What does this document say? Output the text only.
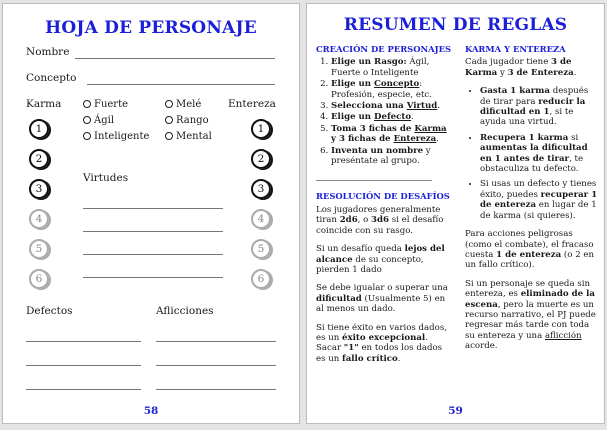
HOJA DE PERSONAJE
Nombre
Concepto
Karma	Entereza
Fuerte	Melé
Ágil	Rango
Inteligente	Mental
1
2
3
4
5
6
1
2
3
4
5
6
Virtudes
Defectos	Aflicciones
58
RESUMEN DE REGLAS
CREACIÓN DE PERSONAJES
1. Elige un Rasgo: Ágil, Fuerte o Inteligente
2. Elige un Concepto: Profesión, especie, etc.
3. Selecciona una Virtud.
4. Elige un Defecto.
5. Toma 3 fichas de Karma y 3 fichas de Entereza.
6. Inventa un nombre y preséntate al grupo.
RESOLUCIÓN DE DESAFÍOS

Los jugadores generalmente tiran 2d6, o 3d6 si el desafío coincide con su rasgo.

Si un desafío queda lejos del alcance de su concepto, pierden 1 dado

Se debe igualar o superar una dificultad (Usualmente 5) en al menos un dado.

Si tiene éxito en varios dados, es un éxito excepcional. Sacar "1" en todos los dados es un fallo crítico.

KARMA Y ENTEREZA

Cada jugador tiene 3 de Karma y 3 de Entereza.

• Gasta 1 karma después de tirar para reducir la dificultad en 1, si te ayuda una virtud.
• Recupera 1 karma si aumentas la dificultad en 1 antes de tirar, te obstaculiza tu defecto.
• Si usas un defecto y tienes éxito, puedes recuperar 1 de entereza en lugar de 1 de karma (si quieres).

Para acciones peligrosas (como el combate), el fracaso cuesta 1 de entereza (o 2 en un fallo crítico).

Si un personaje se queda sin entereza, es eliminado de la escena, pero la muerte es un recurso narrativo, el PJ puede regresar más tarde con toda su entereza y una aflicción acorde.

59
